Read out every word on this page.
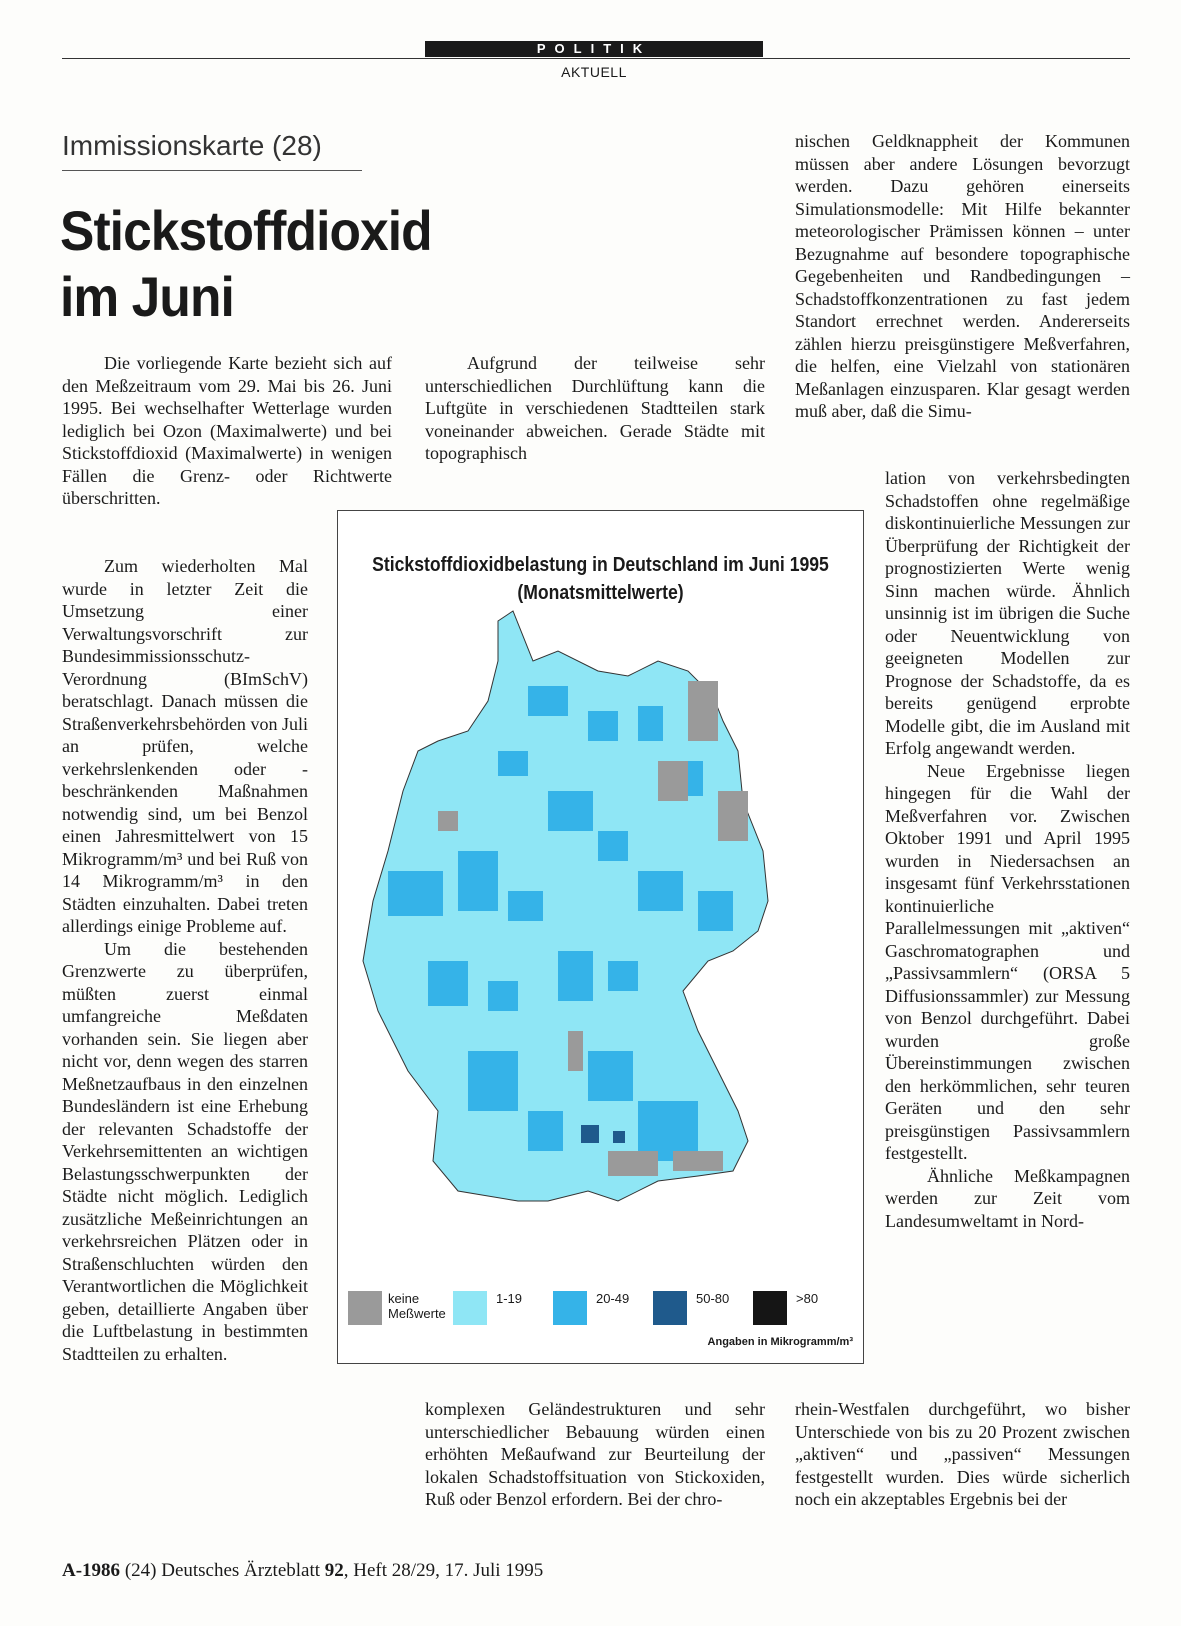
POLITIK
AKTUELL
Immissionskarte (28)
Stickstoffdioxid
im Juni

Die vorliegende Karte bezieht sich auf den Meßzeitraum vom 29. Mai bis 26. Juni 1995. Bei wechselhafter Wetterlage wurden lediglich bei Ozon (Maximalwerte) und bei Stickstoffdioxid (Maximalwerte) in wenigen Fällen die Grenz- oder Richtwerte überschritten.

Zum wiederholten Mal wurde in letzter Zeit die Umsetzung einer Verwaltungsvorschrift zur Bundesimmissionsschutz-Verordnung (BImSchV) beratschlagt. Danach müssen die Straßenverkehrsbehörden von Juli an prüfen, welche verkehrslenkenden oder -beschränkenden Maßnahmen notwendig sind, um bei Benzol einen Jahresmittelwert von 15 Mikrogramm/m³ und bei Ruß von 14 Mikrogramm/m³ in den Städten einzuhalten. Dabei treten allerdings einige Probleme auf.

Um die bestehenden Grenzwerte zu überprüfen, müßten zuerst einmal umfangreiche Meßdaten vorhanden sein. Sie liegen aber nicht vor, denn wegen des starren Meßnetzaufbaus in den einzelnen Bundesländern ist eine Erhebung der relevanten Schadstoffe der Verkehrsemittenten an wichtigen Belastungsschwerpunkten der Städte nicht möglich. Lediglich zusätzliche Meßeinrichtungen an verkehrsreichen Plätzen oder in Straßenschluchten würden den Verantwortlichen die Möglichkeit geben, detaillierte Angaben über die Luftbelastung in bestimmten Stadtteilen zu erhalten.

Aufgrund der teilweise sehr unterschiedlichen Durchlüftung kann die Luftgüte in verschiedenen Stadtteilen stark voneinander abweichen. Gerade Städte mit topographisch

komplexen Geländestrukturen und sehr unterschiedlicher Bebauung würden einen erhöhten Meßaufwand zur Beurteilung der lokalen Schadstoffsituation von Stickoxiden, Ruß oder Benzol erfordern. Bei der chro-

nischen Geldknappheit der Kommunen müssen aber andere Lösungen bevorzugt werden. Dazu gehören einerseits Simulationsmodelle: Mit Hilfe bekannter meteorologischer Prämissen können – unter Bezugnahme auf besondere topographische Gegebenheiten und Randbedingungen – Schadstoffkonzentrationen zu fast jedem Standort errechnet werden. Andererseits zählen hierzu preisgünstigere Meßverfahren, die helfen, eine Vielzahl von stationären Meßanlagen einzusparen. Klar gesagt werden muß aber, daß die Simu-

lation von verkehrsbedingten Schadstoffen ohne regelmäßige diskontinuierliche Messungen zur Überprüfung der Richtigkeit der prognostizierten Werte wenig Sinn machen würde. Ähnlich unsinnig ist im übrigen die Suche oder Neuentwicklung von geeigneten Modellen zur Prognose der Schadstoffe, da es bereits genügend erprobte Modelle gibt, die im Ausland mit Erfolg angewandt werden.

Neue Ergebnisse liegen hingegen für die Wahl der Meßverfahren vor. Zwischen Oktober 1991 und April 1995 wurden in Niedersachsen an insgesamt fünf Verkehrsstationen kontinuierliche Parallelmessungen mit „aktiven“ Gaschromatographen und „Passivsammlern“ (ORSA 5 Diffusionssammler) zur Messung von Benzol durchgeführt. Dabei wurden große Übereinstimmungen zwischen den herkömmlichen, sehr teuren Geräten und den sehr preisgünstigen Passivsammlern festgestellt.

Ähnliche Meßkampagnen werden zur Zeit vom Landesumweltamt in Nord-

rhein-Westfalen durchgeführt, wo bisher Unterschiede von bis zu 20 Prozent zwischen „aktiven“ und „passiven“ Messungen festgestellt wurden. Dies würde sicherlich noch ein akzeptables Ergebnis bei der

Stickstoffdioxidbelastung in Deutschland im Juni 1995
(Monatsmittelwerte)
keine Meßwerte
1-19	20-49	50-80	>80
Angaben in Mikrogramm/m³
A-1986 (24) Deutsches Ärzteblatt 92, Heft 28/29, 17. Juli 1995
